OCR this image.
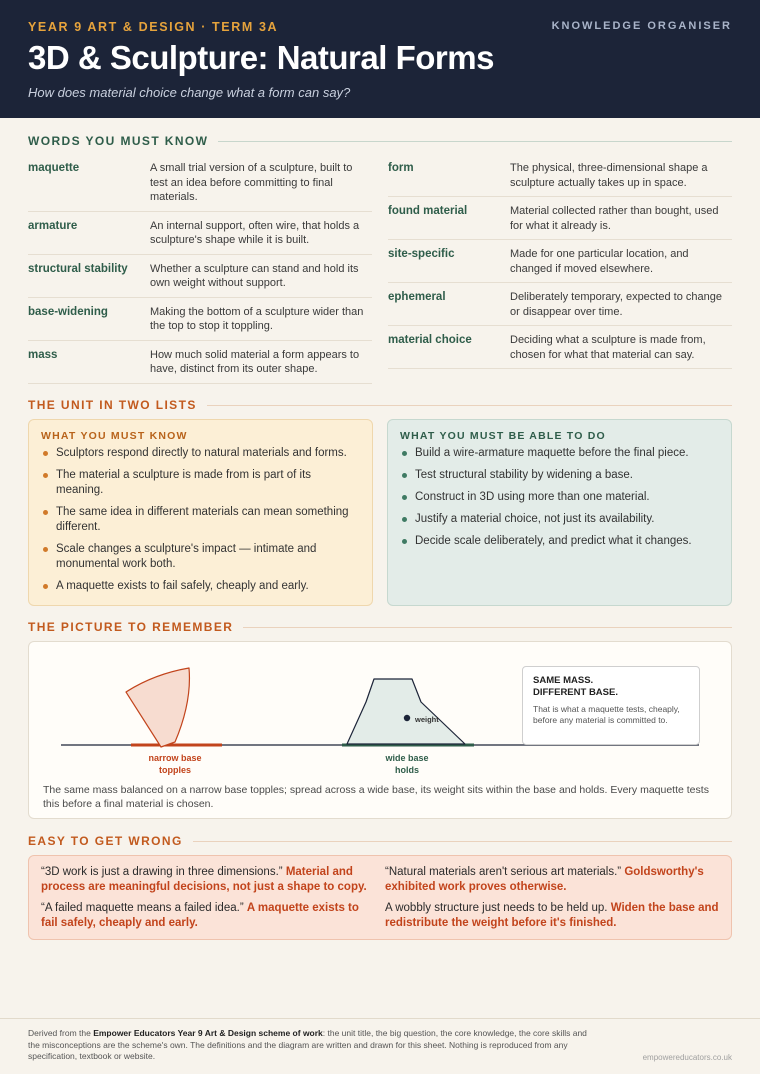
YEAR 9 ART & DESIGN · TERM 3A	KNOWLEDGE ORGANISER
3D & Sculpture: Natural Forms
How does material choice change what a form can say?
WORDS YOU MUST KNOW
maquette	A small trial version of a sculpture, built to test an idea before committing to final materials.
armature	An internal support, often wire, that holds a sculpture's shape while it is built.
structural stability	Whether a sculpture can stand and hold its own weight without support.
base-widening	Making the bottom of a sculpture wider than the top to stop it toppling.
mass	How much solid material a form appears to have, distinct from its outer shape.
form	The physical, three-dimensional shape a sculpture actually takes up in space.
found material	Material collected rather than bought, used for what it already is.
site-specific	Made for one particular location, and changed if moved elsewhere.
ephemeral	Deliberately temporary, expected to change or disappear over time.
material choice	Deciding what a sculpture is made from, chosen for what that material can say.
THE UNIT IN TWO LISTS
WHAT YOU MUST KNOW
Sculptors respond directly to natural materials and forms.
The material a sculpture is made from is part of its meaning.
The same idea in different materials can mean something different.
Scale changes a sculpture's impact — intimate and monumental work both.
A maquette exists to fail safely, cheaply and early.
WHAT YOU MUST BE ABLE TO DO
Build a wire-armature maquette before the final piece.
Test structural stability by widening a base.
Construct in 3D using more than one material.
Justify a material choice, not just its availability.
Decide scale deliberately, and predict what it changes.
THE PICTURE TO REMEMBER
weight
narrow base
topples
wide base
holds
SAME MASS.
DIFFERENT BASE.
That is what a maquette tests, cheaply, before any material is committed to.
The same mass balanced on a narrow base topples; spread across a wide base, its weight sits within the base and holds. Every maquette tests this before a final material is chosen.
EASY TO GET WRONG

“3D work is just a drawing in three dimensions.” Material and process are meaningful decisions, not just a shape to copy.

“A failed maquette means a failed idea.” A maquette exists to fail safely, cheaply and early.

“Natural materials aren't serious art materials.” Goldsworthy's exhibited work proves otherwise.

A wobbly structure just needs to be held up. Widen the base and redistribute the weight before it's finished.

Derived from the Empower Educators Year 9 Art & Design scheme of work: the unit title, the big question, the core knowledge, the core skills and the misconceptions are the scheme's own. The definitions and the diagram are written and drawn for this sheet. Nothing is reproduced from any specification, textbook or website.	empowereducators.co.uk
